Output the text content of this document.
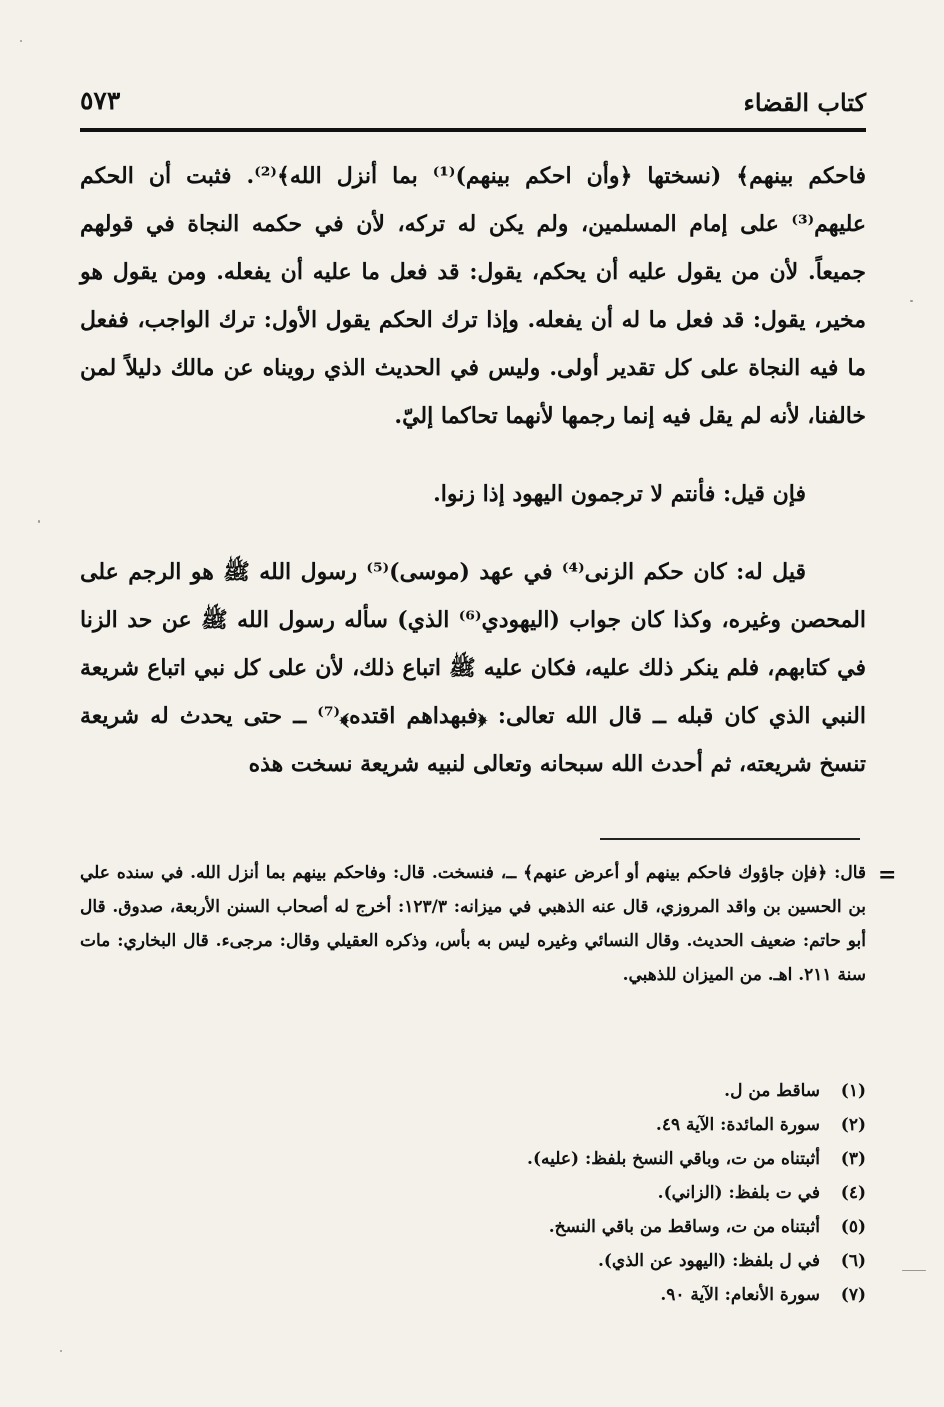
كتاب القضاء
٥٧٣

فاحكم بينهم﴾ (نسختها ﴿وأن احكم بينهم)⁽¹⁾ بما أنزل الله﴾⁽²⁾. فثبت أن الحكم عليهم⁽³⁾ على إمام المسلمين، ولم يكن له تركه، لأن في حكمه النجاة في قولهم جميعاً. لأن من يقول عليه أن يحكم، يقول: قد فعل ما عليه أن يفعله. ومن يقول هو مخير، يقول: قد فعل ما له أن يفعله. وإذا ترك الحكم يقول الأول: ترك الواجب، ففعل ما فيه النجاة على كل تقدير أولى. وليس في الحديث الذي رويناه عن مالك دليلاً لمن خالفنا، لأنه لم يقل فيه إنما رجمها لأنهما تحاكما إليّ.

فإن قيل: فأنتم لا ترجمون اليهود إذا زنوا.

قيل له: كان حكم الزنى⁽⁴⁾ في عهد (موسى)⁽⁵⁾ رسول الله ﷺ هو الرجم على المحصن وغيره، وكذا كان جواب (اليهودي⁽⁶⁾ الذي) سأله رسول الله ﷺ عن حد الزنا في كتابهم، فلم ينكر ذلك عليه، فكان عليه ﷺ اتباع ذلك، لأن على كل نبي اتباع شريعة النبي الذي كان قبله ــ قال الله تعالى: ﴿فبهداهم اقتده﴾⁽⁷⁾ ــ حتى يحدث له شريعة تنسخ شريعته، ثم أحدث الله سبحانه وتعالى لنبيه شريعة نسخت هذه

=

قال: ﴿فإن جاؤوك فاحكم بينهم أو أعرض عنهم﴾ ــ، فنسخت. قال: وفاحكم بينهم بما أنزل الله. في سنده علي بن الحسين بن واقد المروزي، قال عنه الذهبي في ميزانه: ١٢٣/٣: أخرج له أصحاب السنن الأربعة، صدوق. قال أبو حاتم: ضعيف الحديث. وقال النسائي وغيره ليس به بأس، وذكره العقيلي وقال: مرجىء. قال البخاري: مات سنة ٢١١. اهـ. من الميزان للذهبي.

(١)
ساقط من ل.
(٢)
سورة المائدة: الآية ٤٩.
(٣)
أثبتناه من ت، وباقي النسخ بلفظ: (عليه).
(٤)
في ت بلفظ: (الزاني).
(٥)
أثبتناه من ت، وساقط من باقي النسخ.
(٦)
في ل بلفظ: (اليهود عن الذي).
(٧)
سورة الأنعام: الآية ٩٠.
